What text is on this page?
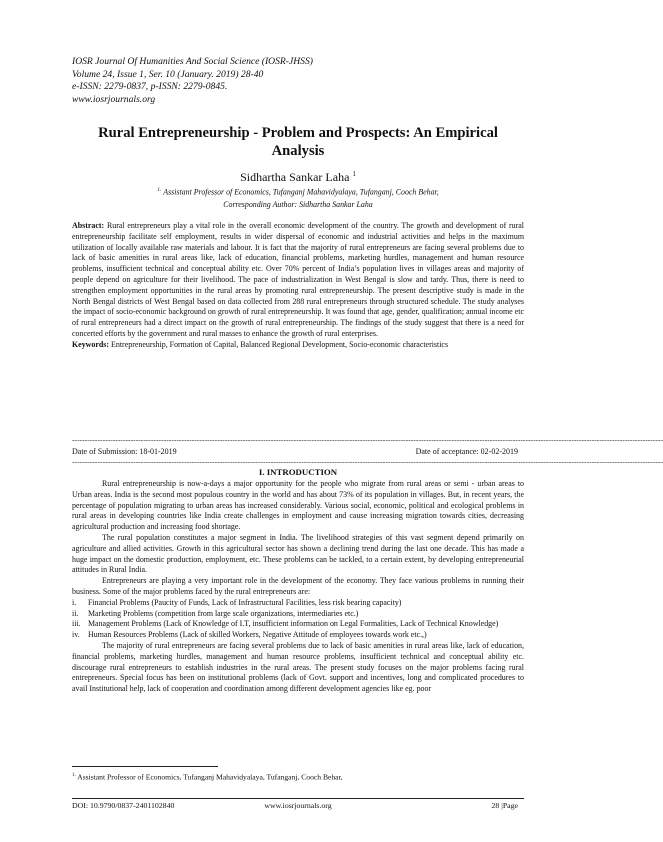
IOSR Journal Of Humanities And Social Science (IOSR-JHSS)
Volume 24, Issue 1, Ser. 10 (January. 2019) 28-40
e-ISSN: 2279-0837, p-ISSN: 2279-0845.
www.iosrjournals.org
Rural Entrepreneurship - Problem and Prospects: An Empirical Analysis
Sidhartha Sankar Laha $^1$
$^{1.}$ Assistant Professor of Economics, Tufanganj Mahavidyalaya, Tufanganj, Cooch Behar,
Corresponding Author: Sidhartha Sankar Laha
Abstract: Rural entrepreneurs play a vital role in the overall economic development of the country. The growth and development of rural entrepreneurship facilitate self employment, results in wider dispersal of economic and industrial activities and helps in the maximum utilization of locally available raw materials and labour. It is fact that the majority of rural entrepreneurs are facing several problems due to lack of basic amenities in rural areas like, lack of education, financial problems, marketing hurdles, management and human resource problems, insufficient technical and conceptual ability etc. Over 70% percent of India’s population lives in villages areas and majority of people depend on agriculture for their livelihood. The pace of industrialization in West Bengal is slow and tardy. Thus, there is need to strengthen employment opportunities in the rural areas by promoting rural entrepreneurship. The present descriptive study is made in the North Bengal districts of West Bengal based on data collected from 288 rural entrepreneurs through structured schedule. The study analyses the impact of socio-economic background on growth of rural entrepreneurship. It was found that age, gender, qualification; annual income etc of rural entrepreneurs had a direct impact on the growth of rural entrepreneurship. The findings of the study suggest that there is a need for concerted efforts by the government and rural masses to enhance the growth of rural enterprises.
Keywords: Entrepreneurship, Formation of Capital, Balanced Regional Development, Socio-economic characteristics
----------------------------------------------------------------------------------------------------------------------------------------------------------------------------------------------------------------------------------------
Date of Submission: 18-01-2019	Date of acceptance: 02-02-2019
----------------------------------------------------------------------------------------------------------------------------------------------------------------------------------------------------------------------------------------
I. INTRODUCTION

Rural entrepreneurship is now-a-days a major opportunity for the people who migrate from rural areas or semi - urban areas to Urban areas. India is the second most populous country in the world and has about 73% of its population in villages. But, in recent years, the percentage of population migrating to urban areas has increased considerably. Various social, economic, political and ecological problems in rural areas in developing countries like India create challenges in employment and cause increasing migration towards cities, decreasing agricultural production and increasing food shortage.

The rural population constitutes a major segment in India. The livelihood strategies of this vast segment depend primarily on agriculture and allied activities. Growth in this agricultural sector has shown a declining trend during the last one decade. This has made a huge impact on the domestic production, employment, etc. These problems can be tackled, to a certain extent, by developing entrepreneurial attitudes in Rural India.

Entrepreneurs are playing a very important role in the development of the economy. They face various problems in running their business. Some of the major problems faced by the rural entrepreneurs are:

i. Financial Problems (Paucity of Funds, Lack of Infrastructural Facilities, less risk bearing capacity)
ii. Marketing Problems (competition from large scale organizations, intermediaries etc.)
iii. Management Problems (Lack of Knowledge of I.T, insufficient information on Legal Formalities, Lack of Technical Knowledge)
iv. Human Resources Problems (Lack of skilled Workers, Negative Attitude of employees towards work etc.,)

The majority of rural entrepreneurs are facing several problems due to lack of basic amenities in rural areas like, lack of education, financial problems, marketing hurdles, management and human resource problems, insufficient technical and conceptual ability etc. discourage rural entrepreneurs to establish industries in the rural areas. The present study focuses on the major problems facing rural entrepreneurs. Special focus has been on institutional problems (lack of Govt. support and incentives, long and complicated procedures to avail Institutional help, lack of cooperation and coordination among different development agencies like eg. poor

$^{1.}$ Assistant Professor of Economics, Tufanganj Mahavidyalaya, Tufanganj, Cooch Behar,
DOI: 10.9790/0837-2401102840	www.iosrjournals.org	28 |Page
